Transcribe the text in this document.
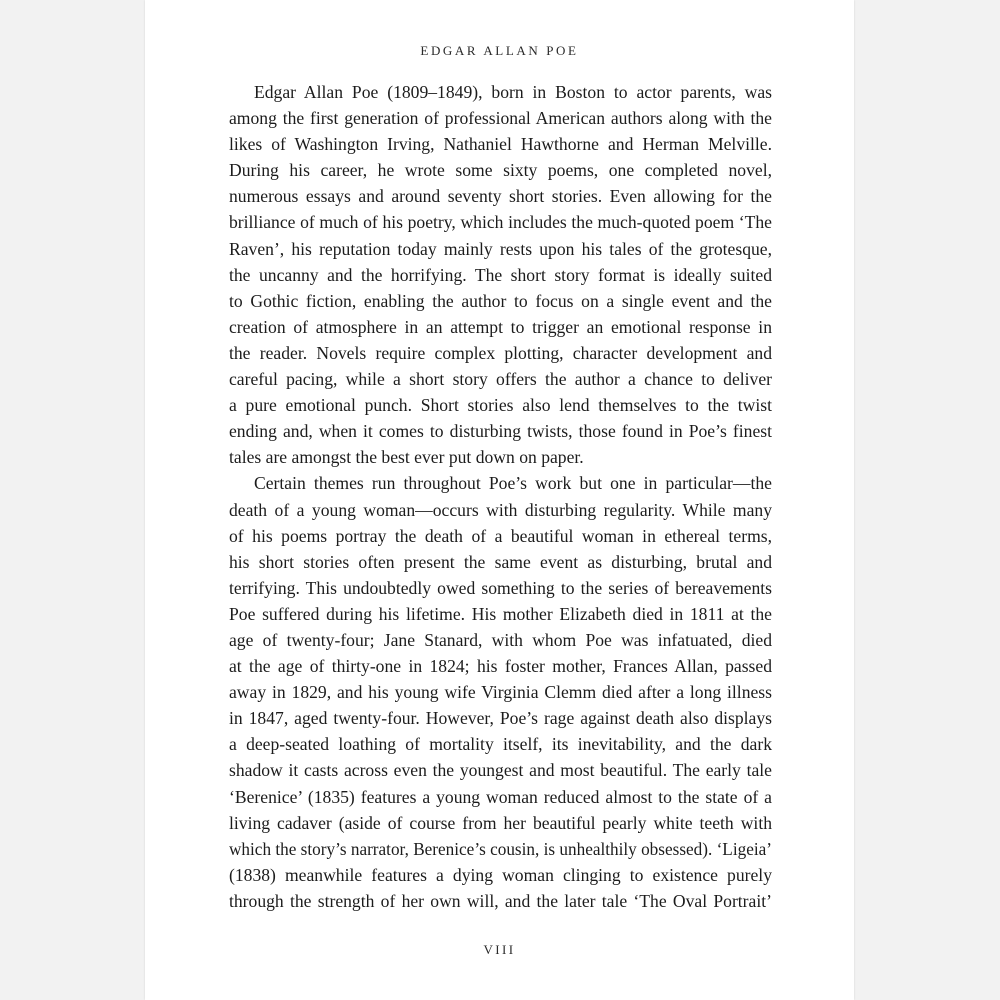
EDGAR ALLAN POE
Edgar Allan Poe (1809–1849), born in Boston to actor parents, was
among the first generation of professional American authors along with the
likes of Washington Irving, Nathaniel Hawthorne and Herman Melville.
During his career, he wrote some sixty poems, one completed novel,
numerous essays and around seventy short stories. Even allowing for the
brilliance of much of his poetry, which includes the much-quoted poem ‘The
Raven’, his reputation today mainly rests upon his tales of the grotesque,
the uncanny and the horrifying. The short story format is ideally suited
to Gothic fiction, enabling the author to focus on a single event and the
creation of atmosphere in an attempt to trigger an emotional response in
the reader. Novels require complex plotting, character development and
careful pacing, while a short story offers the author a chance to deliver
a pure emotional punch. Short stories also lend themselves to the twist
ending and, when it comes to disturbing twists, those found in Poe’s finest
tales are amongst the best ever put down on paper.
Certain themes run throughout Poe’s work but one in particular—the
death of a young woman—occurs with disturbing regularity. While many
of his poems portray the death of a beautiful woman in ethereal terms,
his short stories often present the same event as disturbing, brutal and
terrifying. This undoubtedly owed something to the series of bereavements
Poe suffered during his lifetime. His mother Elizabeth died in 1811 at the
age of twenty-four; Jane Stanard, with whom Poe was infatuated, died
at the age of thirty-one in 1824; his foster mother, Frances Allan, passed
away in 1829, and his young wife Virginia Clemm died after a long illness
in 1847, aged twenty-four. However, Poe’s rage against death also displays
a deep-seated loathing of mortality itself, its inevitability, and the dark
shadow it casts across even the youngest and most beautiful. The early tale
‘Berenice’ (1835) features a young woman reduced almost to the state of a
living cadaver (aside of course from her beautiful pearly white teeth with
which the story’s narrator, Berenice’s cousin, is unhealthily obsessed). ‘Ligeia’
(1838) meanwhile features a dying woman clinging to existence purely
through the strength of her own will, and the later tale ‘The Oval Portrait’
VIII
